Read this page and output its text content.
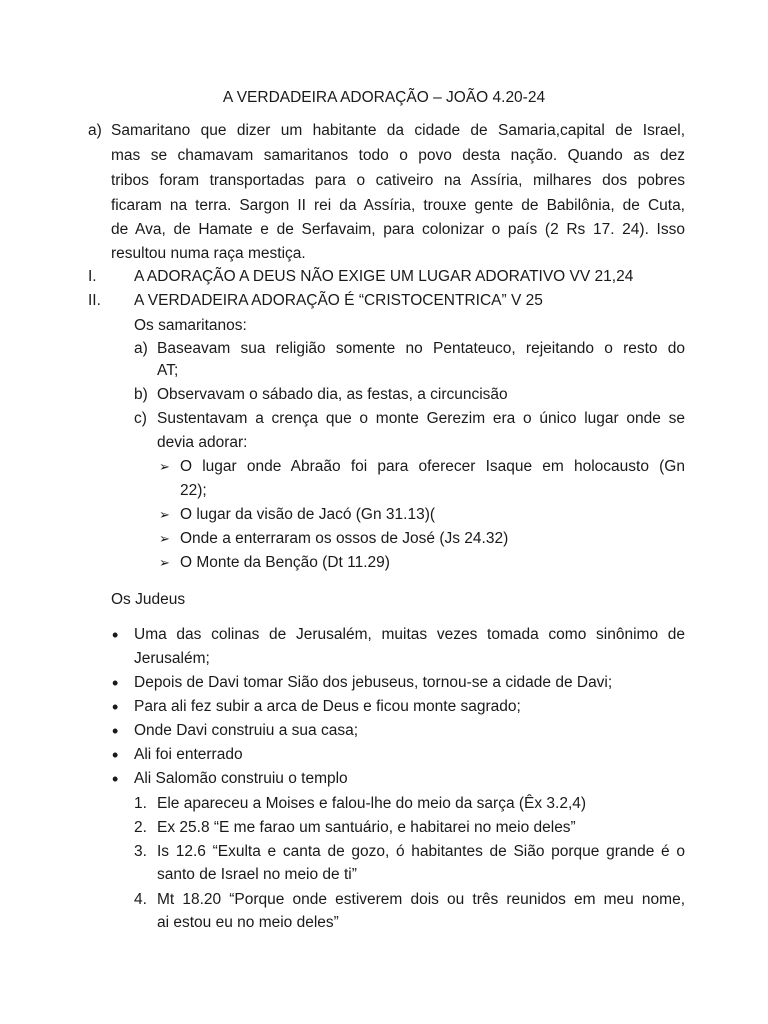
A VERDADEIRA ADORAÇÃO – JOÃO 4.20-24
a) Samaritano que dizer um habitante da cidade de Samaria,capital de Israel,
mas se chamavam samaritanos todo o povo desta nação. Quando as dez
tribos foram transportadas para o cativeiro na Assíria, milhares dos pobres
ficaram na terra. Sargon II rei da Assíria, trouxe gente de Babilônia, de Cuta,
de Ava, de Hamate e de Serfavaim, para colonizar o país (2 Rs 17. 24). Isso
resultou numa raça mestiça.
I. A ADORAÇÃO A DEUS NÃO EXIGE UM LUGAR ADORATIVO VV 21,24
II. A VERDADEIRA ADORAÇÃO É “CRISTOCENTRICA” V 25
Os samaritanos:
a) Baseavam sua religião somente no Pentateuco, rejeitando o resto do
AT;
b) Observavam o sábado dia, as festas, a circuncisão
c) Sustentavam a crença que o monte Gerezim era o único lugar onde se
devia adorar:
➢ O lugar onde Abraão foi para oferecer Isaque em holocausto (Gn
22);
➢ O lugar da visão de Jacó (Gn 31.13)(
➢ Onde a enterraram os ossos de José (Js 24.32)
➢ O Monte da Benção (Dt 11.29)
Os Judeus
• Uma das colinas de Jerusalém, muitas vezes tomada como sinônimo de
Jerusalém;
• Depois de Davi tomar Sião dos jebuseus, tornou-se a cidade de Davi;
• Para ali fez subir a arca de Deus e ficou monte sagrado;
• Onde Davi construiu a sua casa;
• Ali foi enterrado
• Ali Salomão construiu o templo
1. Ele apareceu a Moises e falou-lhe do meio da sarça (Êx 3.2,4)
2. Ex 25.8 “E me farao um santuário, e habitarei no meio deles”
3. Is 12.6 “Exulta e canta de gozo, ó habitantes de Sião porque grande é o
santo de Israel no meio de ti”
4. Mt 18.20 “Porque onde estiverem dois ou três reunidos em meu nome,
ai estou eu no meio deles”
